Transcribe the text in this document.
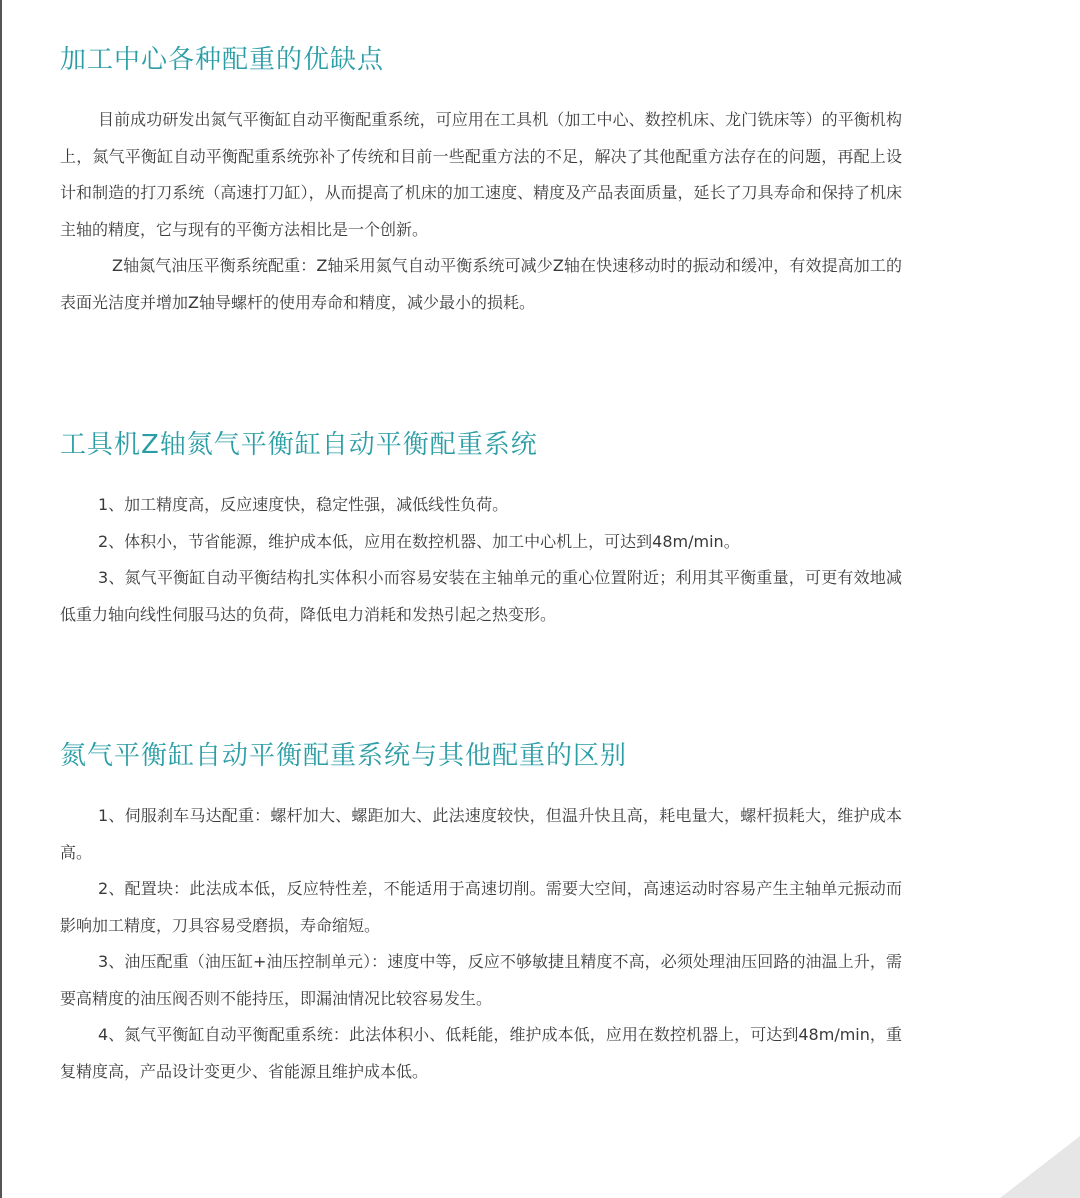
加工中心各种配重的优缺点

目前成功研发出氮气平衡缸自动平衡配重系统，可应用在工具机（加工中心、数控机床、龙门铣床等）的平衡机构上，氮气平衡缸自动平衡配重系统弥补了传统和目前一些配重方法的不足，解决了其他配重方法存在的问题，再配上设计和制造的打刀系统（高速打刀缸），从而提高了机床的加工速度、精度及产品表面质量，延长了刀具寿命和保持了机床主轴的精度，它与现有的平衡方法相比是一个创新。

Z轴氮气油压平衡系统配重：Z轴采用氮气自动平衡系统可减少Z轴在快速移动时的振动和缓冲，有效提高加工的表面光洁度并增加Z轴导螺杆的使用寿命和精度，减少最小的损耗。

工具机Z轴氮气平衡缸自动平衡配重系统

1、加工精度高，反应速度快，稳定性强，减低线性负荷。

2、体积小，节省能源，维护成本低，应用在数控机器、加工中心机上，可达到48m/min。

3、氮气平衡缸自动平衡结构扎实体积小而容易安装在主轴单元的重心位置附近；利用其平衡重量，可更有效地减低重力轴向线性伺服马达的负荷，降低电力消耗和发热引起之热变形。

氮气平衡缸自动平衡配重系统与其他配重的区别

1、伺服刹车马达配重：螺杆加大、螺距加大、此法速度较快，但温升快且高，耗电量大，螺杆损耗大，维护成本高。

2、配置块：此法成本低，反应特性差，不能适用于高速切削。需要大空间，高速运动时容易产生主轴单元振动而影响加工精度，刀具容易受磨损，寿命缩短。

3、油压配重（油压缸+油压控制单元）：速度中等，反应不够敏捷且精度不高，必须处理油压回路的油温上升，需要高精度的油压阀否则不能持压，即漏油情况比较容易发生。

4、氮气平衡缸自动平衡配重系统：此法体积小、低耗能，维护成本低，应用在数控机器上，可达到48m/min，重复精度高，产品设计变更少、省能源且维护成本低。
